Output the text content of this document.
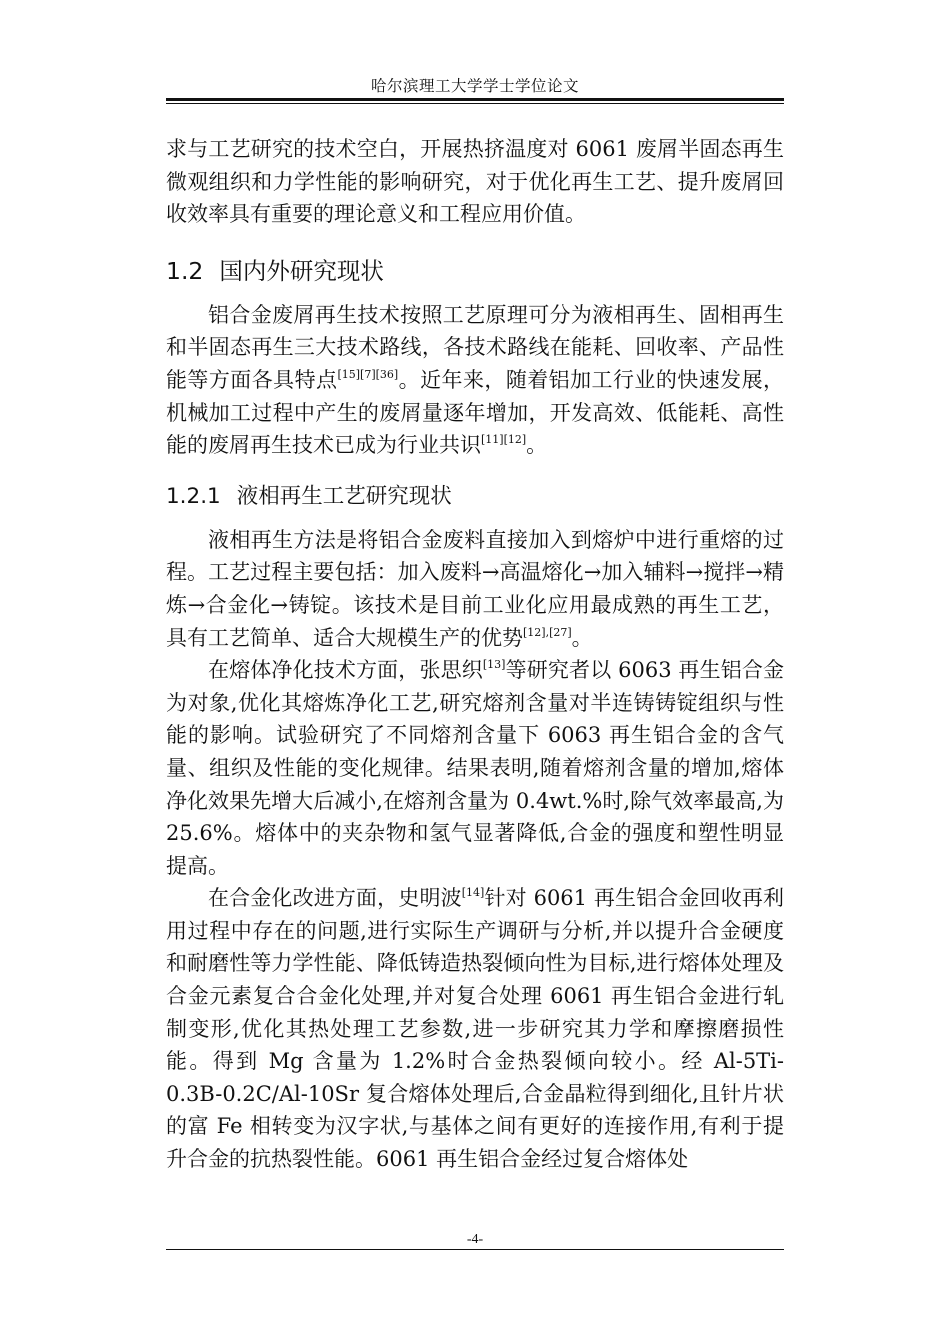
哈尔滨理工大学学士学位论文

求与工艺研究的技术空白，开展热挤温度对 6061 废屑半固态再生微观组织和力学性能的影响研究，对于优化再生工艺、提升废屑回收效率具有重要的理论意义和工程应用价值。

1.2 国内外研究现状

铝合金废屑再生技术按照工艺原理可分为液相再生、固相再生和半固态再生三大技术路线，各技术路线在能耗、回收率、产品性能等方面各具特点[15][7][36]。近年来，随着铝加工行业的快速发展，机械加工过程中产生的废屑量逐年增加，开发高效、低能耗、高性能的废屑再生技术已成为行业共识[11][12]。

1.2.1 液相再生工艺研究现状

液相再生方法是将铝合金废料直接加入到熔炉中进行重熔的过程。工艺过程主要包括：加入废料→高温熔化→加入辅料→搅拌→精炼→合金化→铸锭。该技术是目前工业化应用最成熟的再生工艺，具有工艺简单、适合大规模生产的优势[12],[27]。

在熔体净化技术方面，张思织[13]等研究者以 6063 再生铝合金为对象,优化其熔炼净化工艺,研究熔剂含量对半连铸铸锭组织与性能的影响。试验研究了不同熔剂含量下 6063 再生铝合金的含气量、组织及性能的变化规律。结果表明,随着熔剂含量的增加,熔体净化效果先增大后减小,在熔剂含量为 0.4wt.%时,除气效率最高,为 25.6%。熔体中的夹杂物和氢气显著降低,合金的强度和塑性明显提高。

在合金化改进方面，史明波[14]针对 6061 再生铝合金回收再利用过程中存在的问题,进行实际生产调研与分析,并以提升合金硬度和耐磨性等力学性能、降低铸造热裂倾向性为目标,进行熔体处理及合金元素复合合金化处理,并对复合处理 6061 再生铝合金进行轧制变形,优化其热处理工艺参数,进一步研究其力学和摩擦磨损性能。得到 Mg 含量为 1.2%时合金热裂倾向较小。经 Al-5Ti-0.3B-0.2C/Al-10Sr 复合熔体处理后,合金晶粒得到细化,且针片状的富 Fe 相转变为汉字状,与基体之间有更好的连接作用,有利于提升合金的抗热裂性能。6061 再生铝合金经过复合熔体处

-4-
